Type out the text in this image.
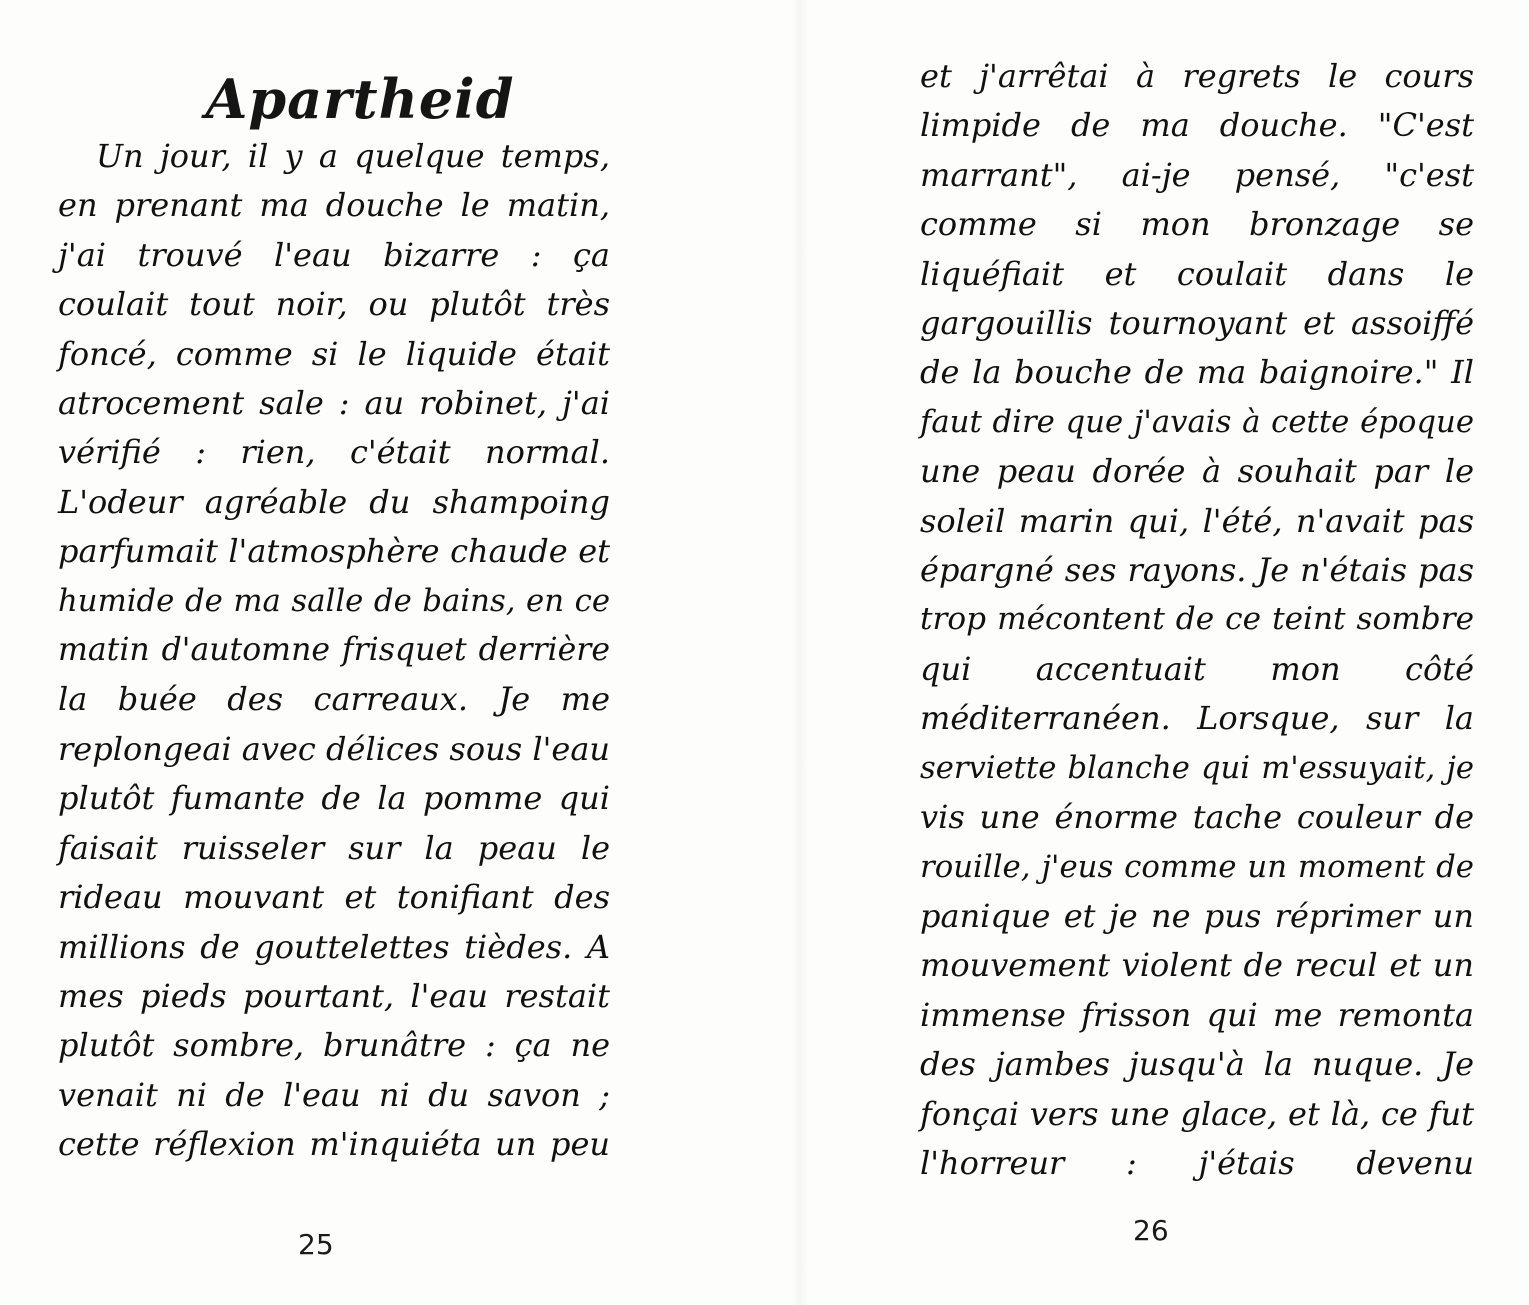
Apartheid
Un jour, il y a quelque temps,
en prenant ma douche le matin,
j'ai trouvé l'eau bizarre : ça
coulait tout noir, ou plutôt très
foncé, comme si le liquide était
atrocement sale : au robinet, j'ai
vérifié : rien, c'était normal.
L'odeur agréable du shampoing
parfumait l'atmosphère chaude et
humide de ma salle de bains, en ce
matin d'automne frisquet derrière
la buée des carreaux. Je me
replongeai avec délices sous l'eau
plutôt fumante de la pomme qui
faisait ruisseler sur la peau le
rideau mouvant et tonifiant des
millions de gouttelettes tièdes. A
mes pieds pourtant, l'eau restait
plutôt sombre, brunâtre : ça ne
venait ni de l'eau ni du savon ;
cette réflexion m'inquiéta un peu
25
et j'arrêtai à regrets le cours
limpide de ma douche. "C'est
marrant", ai-je pensé, "c'est
comme si mon bronzage se
liquéfiait et coulait dans le
gargouillis tournoyant et assoiffé
de la bouche de ma baignoire." Il
faut dire que j'avais à cette époque
une peau dorée à souhait par le
soleil marin qui, l'été, n'avait pas
épargné ses rayons. Je n'étais pas
trop mécontent de ce teint sombre
qui accentuait mon côté
méditerranéen. Lorsque, sur la
serviette blanche qui m'essuyait, je
vis une énorme tache couleur de
rouille, j'eus comme un moment de
panique et je ne pus réprimer un
mouvement violent de recul et un
immense frisson qui me remonta
des jambes jusqu'à la nuque. Je
fonçai vers une glace, et là, ce fut
l'horreur : j'étais devenu
26
